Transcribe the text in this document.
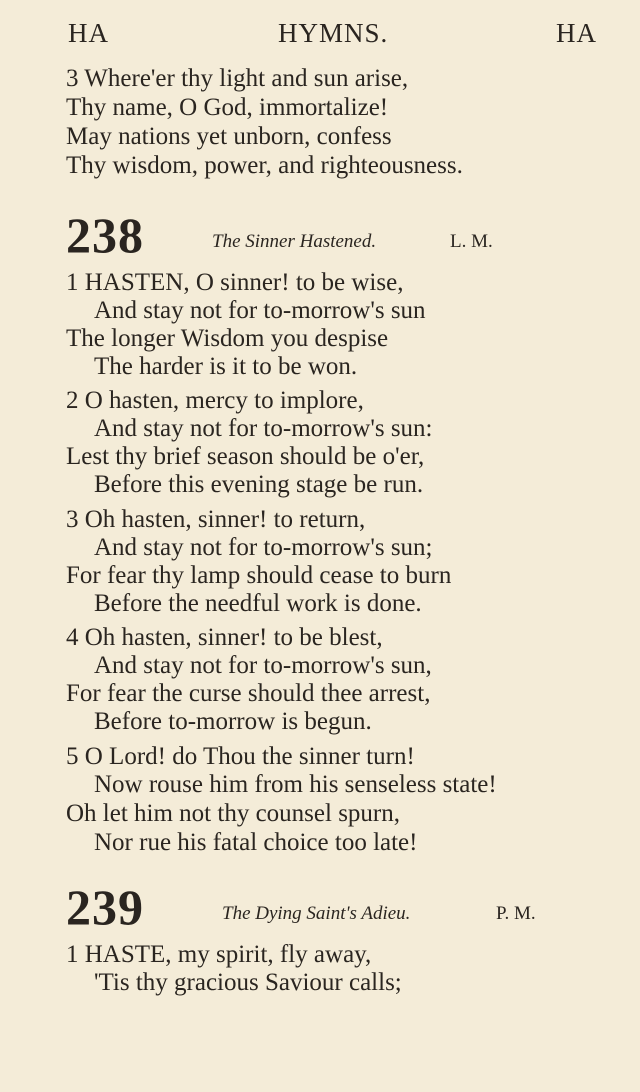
HA	HYMNS.	HA
3 Where'er thy light and sun arise,
Thy name, O God, immortalize!
May nations yet unborn, confess
Thy wisdom, power, and righteousness.
238	The Sinner Hastened.	L. M.
1 HASTEN, O sinner! to be wise,
And stay not for to-morrow's sun
The longer Wisdom you despise
The harder is it to be won.
2 O hasten, mercy to implore,
And stay not for to-morrow's sun:
Lest thy brief season should be o'er,
Before this evening stage be run.
3 Oh hasten, sinner! to return,
And stay not for to-morrow's sun;
For fear thy lamp should cease to burn
Before the needful work is done.
4 Oh hasten, sinner! to be blest,
And stay not for to-morrow's sun,
For fear the curse should thee arrest,
Before to-morrow is begun.
5 O Lord! do Thou the sinner turn!
Now rouse him from his senseless state!
Oh let him not thy counsel spurn,
Nor rue his fatal choice too late!
239	The Dying Saint's Adieu.	P. M.
1 HASTE, my spirit, fly away,
'Tis thy gracious Saviour calls;
